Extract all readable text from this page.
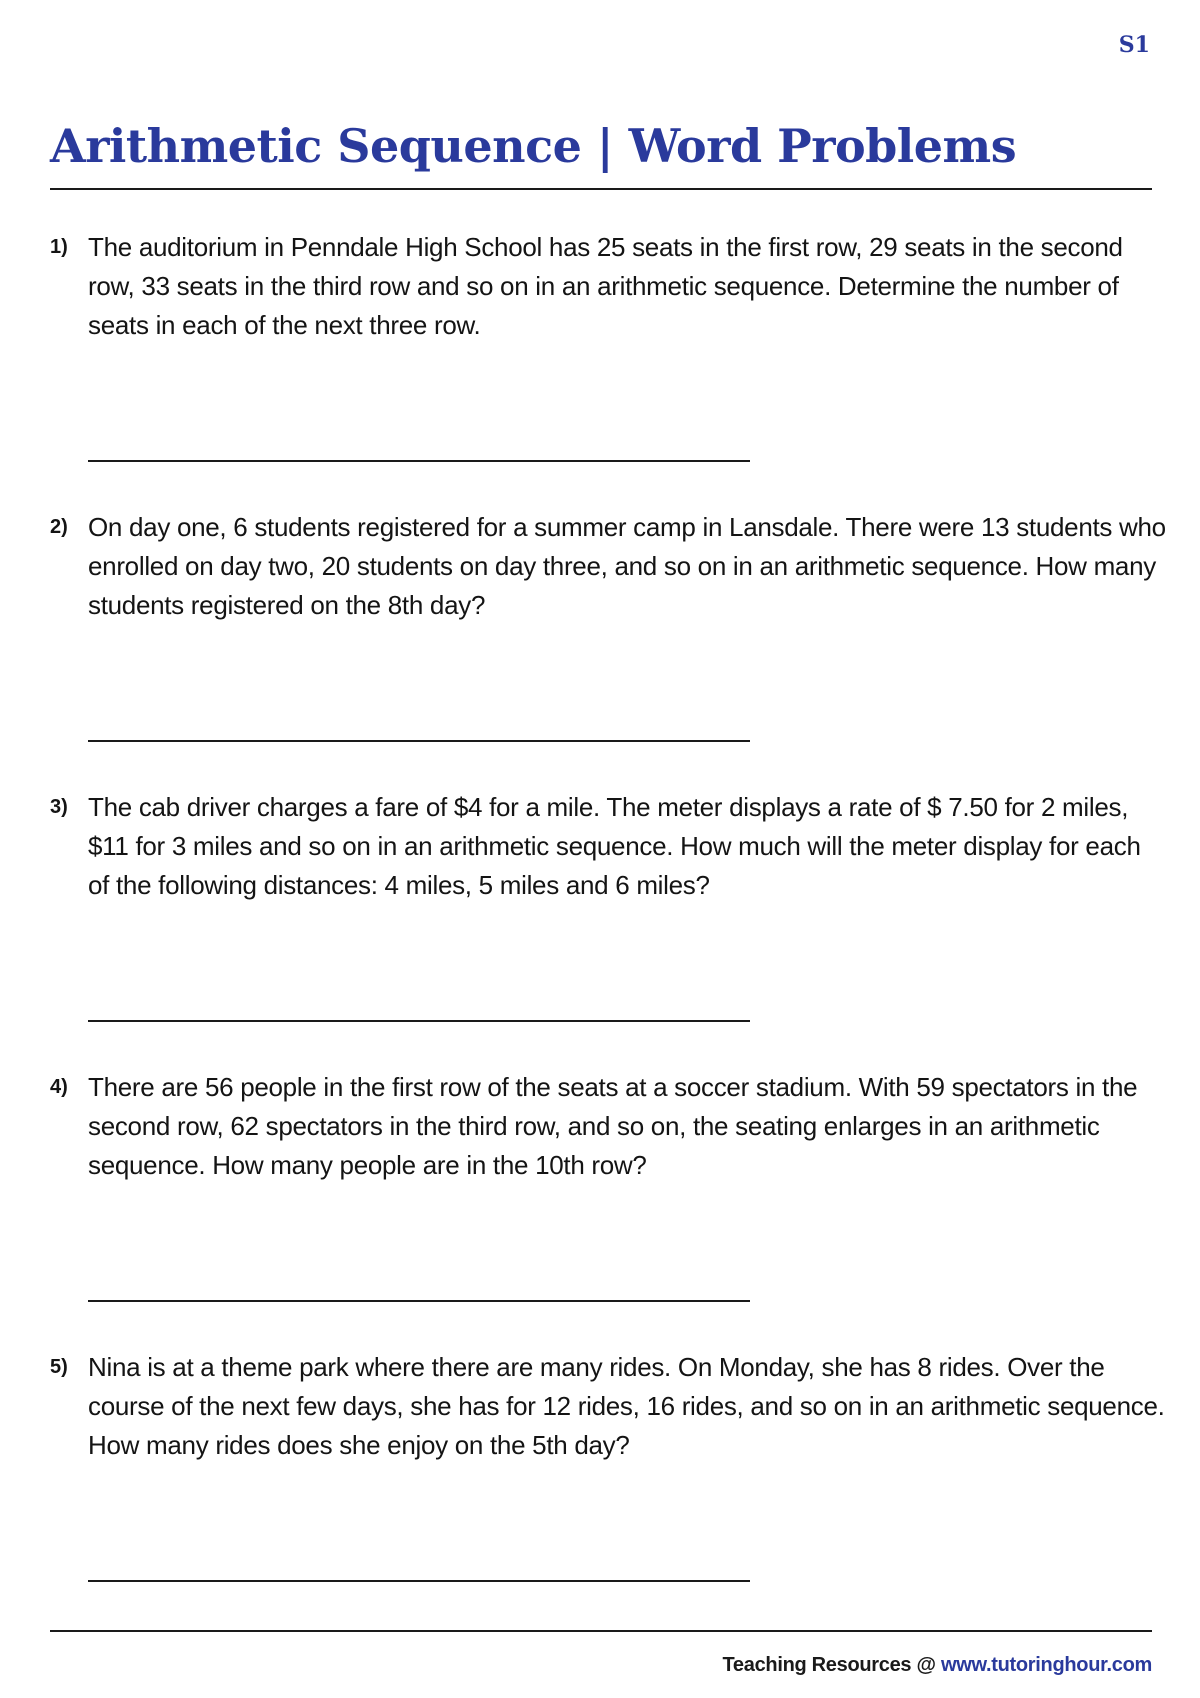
S1
Arithmetic Sequence | Word Problems
1) The auditorium in Penndale High School has 25 seats in the first row, 29 seats in the second row, 33 seats in the third row and so on in an arithmetic sequence. Determine the number of seats in each of the next three row.

2) On day one, 6 students registered for a summer camp in Lansdale. There were 13 students who enrolled on day two, 20 students on day three, and so on in an arithmetic sequence. How many students registered on the 8th day?

3) The cab driver charges a fare of $4 for a mile. The meter displays a rate of $ 7.50 for 2 miles, $11 for 3 miles and so on in an arithmetic sequence. How much will the meter display for each of the following distances: 4 miles, 5 miles and 6 miles?

4) There are 56 people in the first row of the seats at a soccer stadium. With 59 spectators in the second row, 62 spectators in the third row, and so on, the seating enlarges in an arithmetic sequence. How many people are in the 10th row?

5) Nina is at a theme park where there are many rides. On Monday, she has 8 rides. Over the course of the next few days, she has for 12 rides, 16 rides, and so on in an arithmetic sequence. How many rides does she enjoy on the 5th day?

Teaching Resources @ www.tutoringhour.com
